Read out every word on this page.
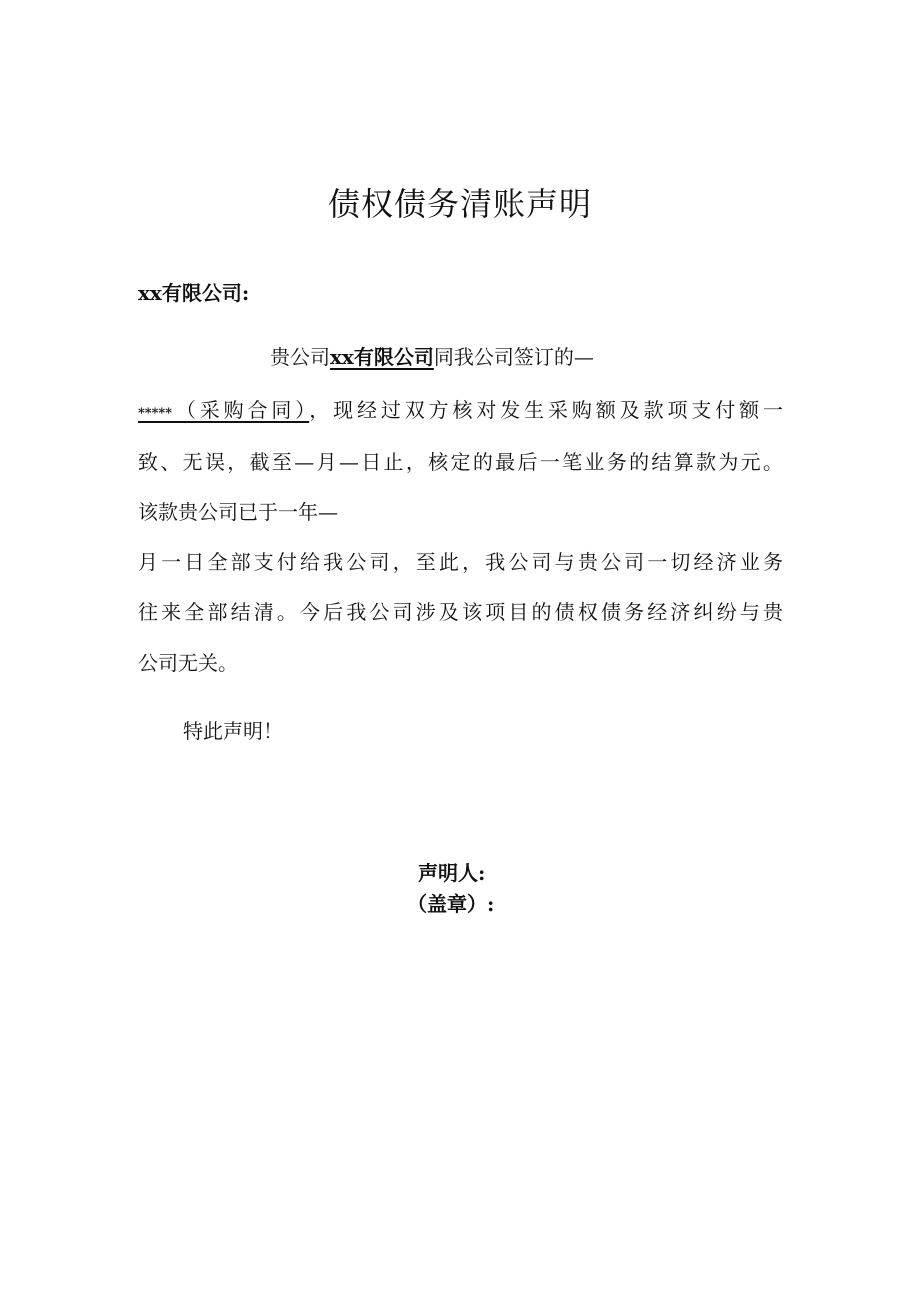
债权债务清账声明
xx有限公司:
贵公司xx有限公司同我公司签订的—
*****（采购合同），现经过双方核对发生采购额及款项支付额一
致、无误，截至—月—日止，核定的最后一笔业务的结算款为元。
该款贵公司已于一年—
月一日全部支付给我公司，至此，我公司与贵公司一切经济业务
往来全部结清。今后我公司涉及该项目的债权债务经济纠纷与贵
公司无关。
特此声明！
声明人:
（盖章）:
